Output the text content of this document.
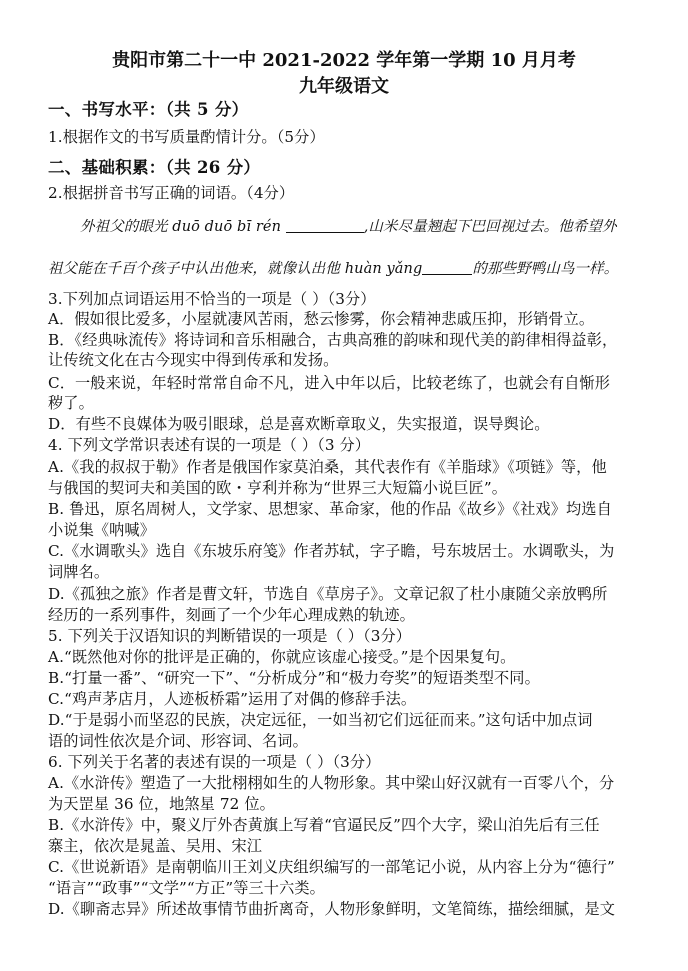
贵阳市第二十一中 2021-2022 学年第一学期 10 月月考
九年级语文
一、书写水平：（共 5 分）
1.根据作文的书写质量酌情计分。（5分）
二、基础积累：（共 26 分）
2.根据拼音书写正确的词语。（4分）
外祖父的眼光 duō duō bī rén	,山米尽量翘起下巴回视过去。他希望外
祖父能在千百个孩子中认出他来，就像认出他 huàn yǎng	的那些野鸭山鸟一样。
3.下列加点词语运用不恰当的一项是（ ）（3分）
A．假如很比爱多，小屋就凄风苦雨，愁云惨雾，你会精神悲戚压抑，形销骨立。
B．《经典咏流传》将诗词和音乐相融合，古典高雅的韵味和现代美的韵律相得益彰，
让传统文化在古今现实中得到传承和发扬。
C．一般来说，年轻时常常自命不凡，进入中年以后，比较老练了，也就会有自惭形
秽了。
D．有些不良媒体为吸引眼球，总是喜欢断章取义，失实报道，误导舆论。
4. 下列文学常识表述有误的一项是（ ）（3 分）
A.《我的叔叔于勒》作者是俄国作家莫泊桑，其代表作有《羊脂球》《项链》等，他
与俄国的契诃夫和美国的欧・亨利并称为“世界三大短篇小说巨匠”。
B. 鲁迅，原名周树人，文学家、思想家、革命家，他的作品《故乡》《社戏》均选自
小说集《呐喊》
C.《水调歌头》选自《东坡乐府笺》作者苏轼，字子瞻，号东坡居士。水调歌头，为
词牌名。
D.《孤独之旅》作者是曹文轩，节选自《草房子》。文章记叙了杜小康随父亲放鸭所
经历的一系列事件，刻画了一个少年心理成熟的轨迹。
5. 下列关于汉语知识的判断错误的一项是（ ）（3分）
A.“既然他对你的批评是正确的，你就应该虚心接受。”是个因果复句。
B.“打量一番”、“研究一下”、“分析成分”和“极力夸奖”的短语类型不同。
C.“鸡声茅店月，人迹板桥霜”运用了对偶的修辞手法。
D.“于是弱小而坚忍的民族，决定远征，一如当初它们远征而来。”这句话中加点词
语的词性依次是介词、形容词、名词。
6. 下列关于名著的表述有误的一项是（ ）（3分）
A.《水浒传》塑造了一大批栩栩如生的人物形象。其中梁山好汉就有一百零八个，分
为天罡星 36 位，地煞星 72 位。
B.《水浒传》中，聚义厅外杏黄旗上写着“官逼民反”四个大字，梁山泊先后有三任
寨主，依次是晁盖、吴用、宋江
C.《世说新语》是南朝临川王刘义庆组织编写的一部笔记小说，从内容上分为“德行”
“语言”“政事”“文学”“方正”等三十六类。
D.《聊斋志异》所述故事情节曲折离奇，人物形象鲜明，文笔简练，描绘细腻，是文
